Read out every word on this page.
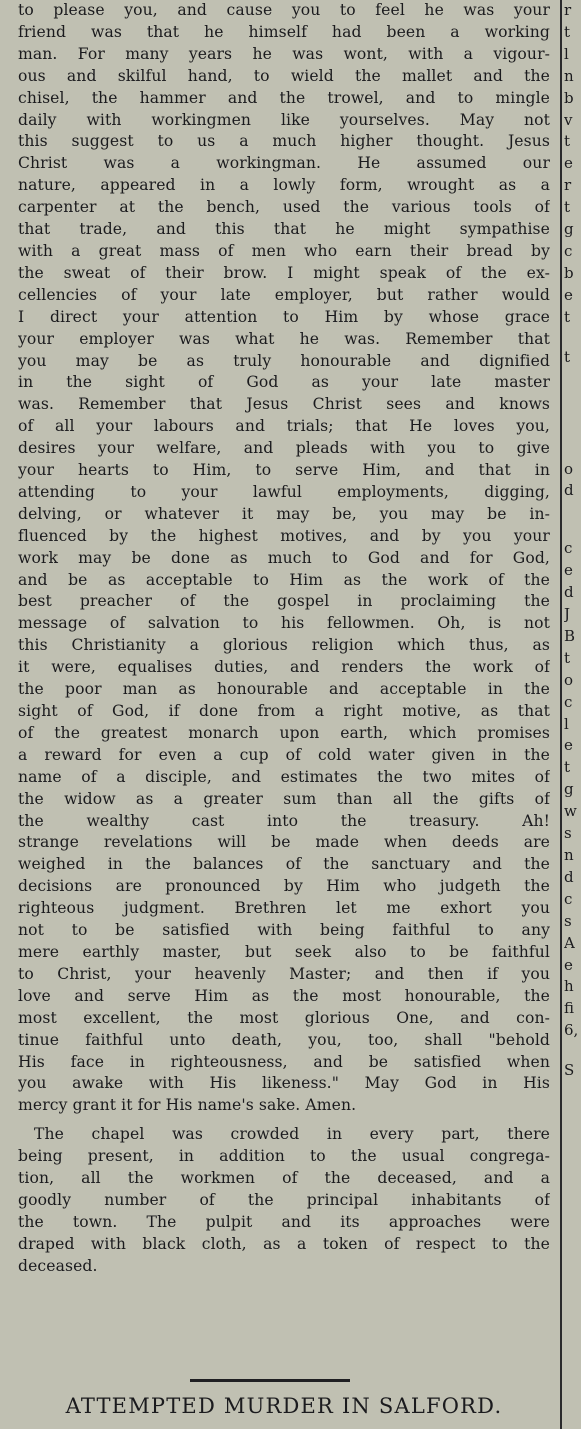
to please you, and cause you to feel he was your
friend was that he himself had been a working
man. For many years he was wont, with a vigour-
ous and skilful hand, to wield the mallet and the
chisel, the hammer and the trowel, and to mingle
daily with workingmen like yourselves. May not
this suggest to us a much higher thought. Jesus
Christ was a workingman. He assumed our
nature, appeared in a lowly form, wrought as a
carpenter at the bench, used the various tools of
that trade, and this that he might sympathise
with a great mass of men who earn their bread by
the sweat of their brow. I might speak of the ex-
cellencies of your late employer, but rather would
I direct your attention to Him by whose grace
your employer was what he was. Remember that
you may be as truly honourable and dignified
in the sight of God as your late master
was. Remember that Jesus Christ sees and knows
of all your labours and trials; that He loves you,
desires your welfare, and pleads with you to give
your hearts to Him, to serve Him, and that in
attending to your lawful employments, digging,
delving, or whatever it may be, you may be in-
fluenced by the highest motives, and by you your
work may be done as much to God and for God,
and be as acceptable to Him as the work of the
best preacher of the gospel in proclaiming the
message of salvation to his fellowmen. Oh, is not
this Christianity a glorious religion which thus, as
it were, equalises duties, and renders the work of
the poor man as honourable and acceptable in the
sight of God, if done from a right motive, as that
of the greatest monarch upon earth, which promises
a reward for even a cup of cold water given in the
name of a disciple, and estimates the two mites of
the widow as a greater sum than all the gifts of
the wealthy cast into the treasury. Ah!
strange revelations will be made when deeds are
weighed in the balances of the sanctuary and the
decisions are pronounced by Him who judgeth the
righteous judgment. Brethren let me exhort you
not to be satisfied with being faithful to any
mere earthly master, but seek also to be faithful
to Christ, your heavenly Master; and then if you
love and serve Him as the most honourable, the
most excellent, the most glorious One, and con-
tinue faithful unto death, you, too, shall "behold
His face in righteousness, and be satisfied when
you awake with His likeness." May God in His
mercy grant it for His name's sake. Amen.
The chapel was crowded in every part, there
being present, in addition to the usual congrega-
tion, all the workmen of the deceased, and a
goodly number of the principal inhabitants of
the town. The pulpit and its approaches were
draped with black cloth, as a token of respect to the
deceased.
ATTEMPTED MURDER IN SALFORD.
r
t
l
n
b
v
t
e
r
t
g
c
b
e
t
t
o
d
c
e
d
J
B
t
o
c
l
e
t
g
w
s
n
d
c
s
A
e
h
fi
6,
S
